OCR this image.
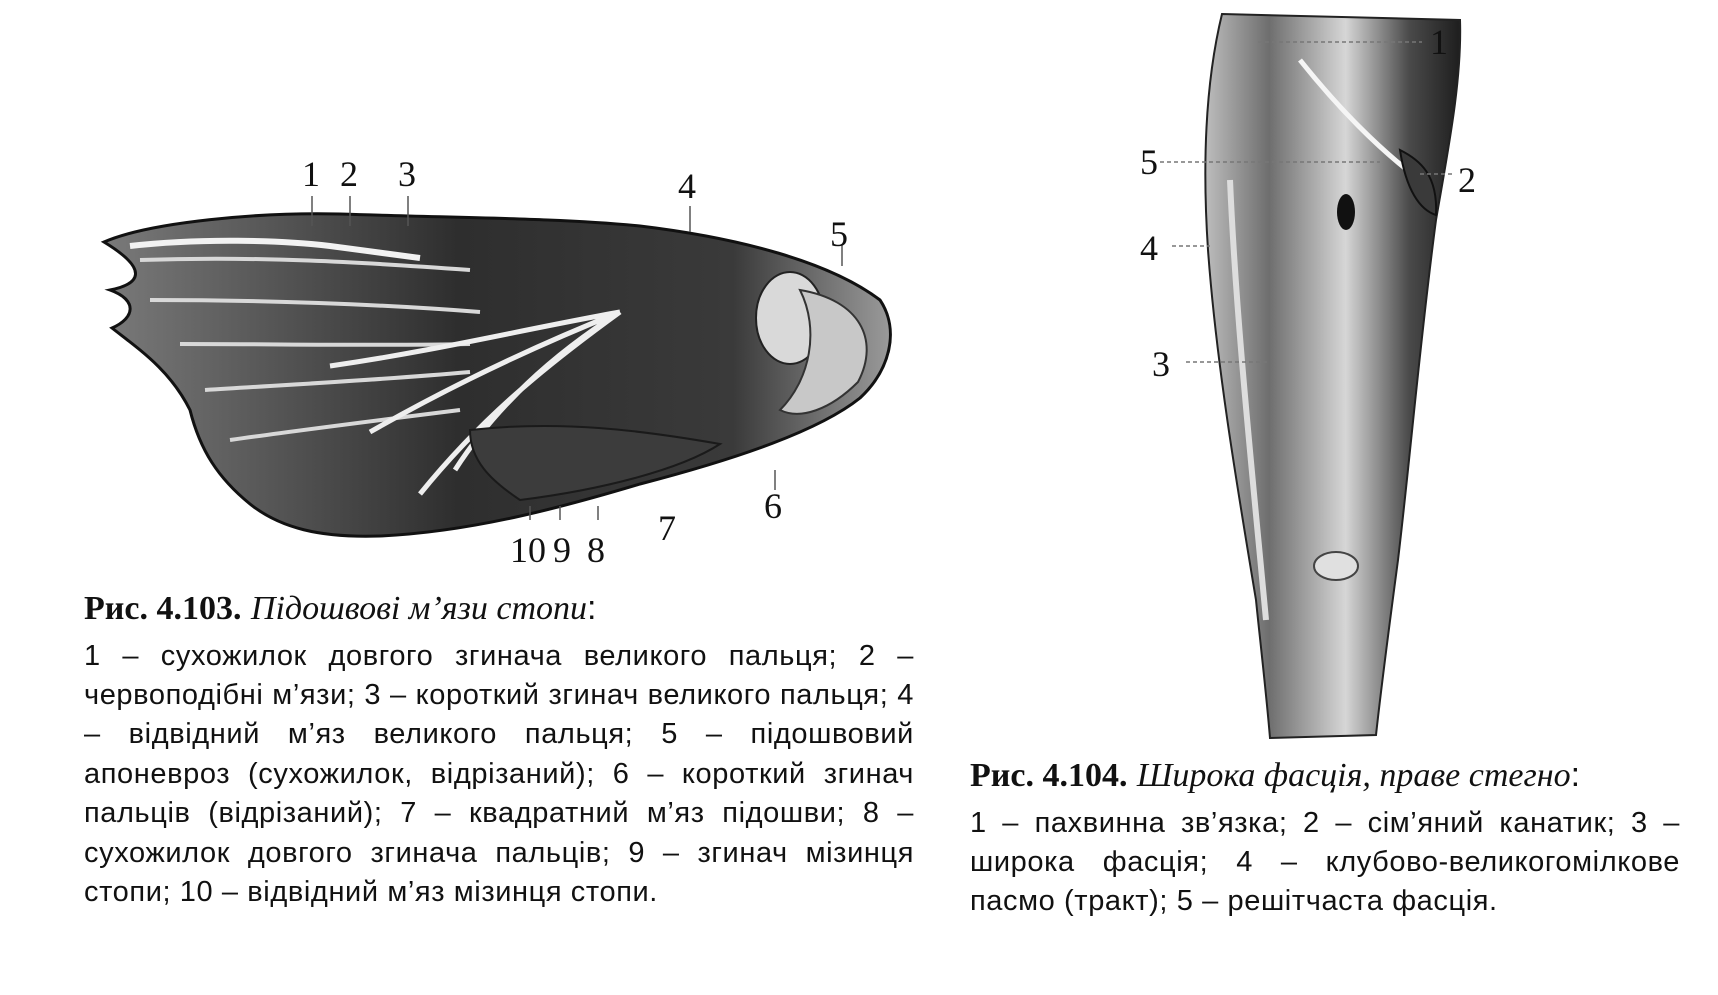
1 2 3	4
5
6
7
8
9
10
1
2
3
4
5
Рис. 4.103. Підошвові м’язи стопи:
1 – сухожилок довгого згинача великого пальця; 2 – червоподібні м’язи; 3 – короткий згинач великого пальця; 4 – відвідний м’яз великого пальця; 5 – підошвовий апоневроз (сухожилок, відрізаний); 6 – короткий згинач пальців (відрізаний); 7 – квадратний м’яз підошви; 8 – сухожилок довгого згинача пальців; 9 – згинач мізинця стопи; 10 – відвідний м’яз мізинця стопи.
Рис. 4.104. Широка фасція, праве стегно:
1 – пахвинна зв’язка; 2 – сім’яний канатик; 3 – широка фасція; 4 – клубово-великогомілкове пасмо (тракт); 5 – решітчаста фасція.
